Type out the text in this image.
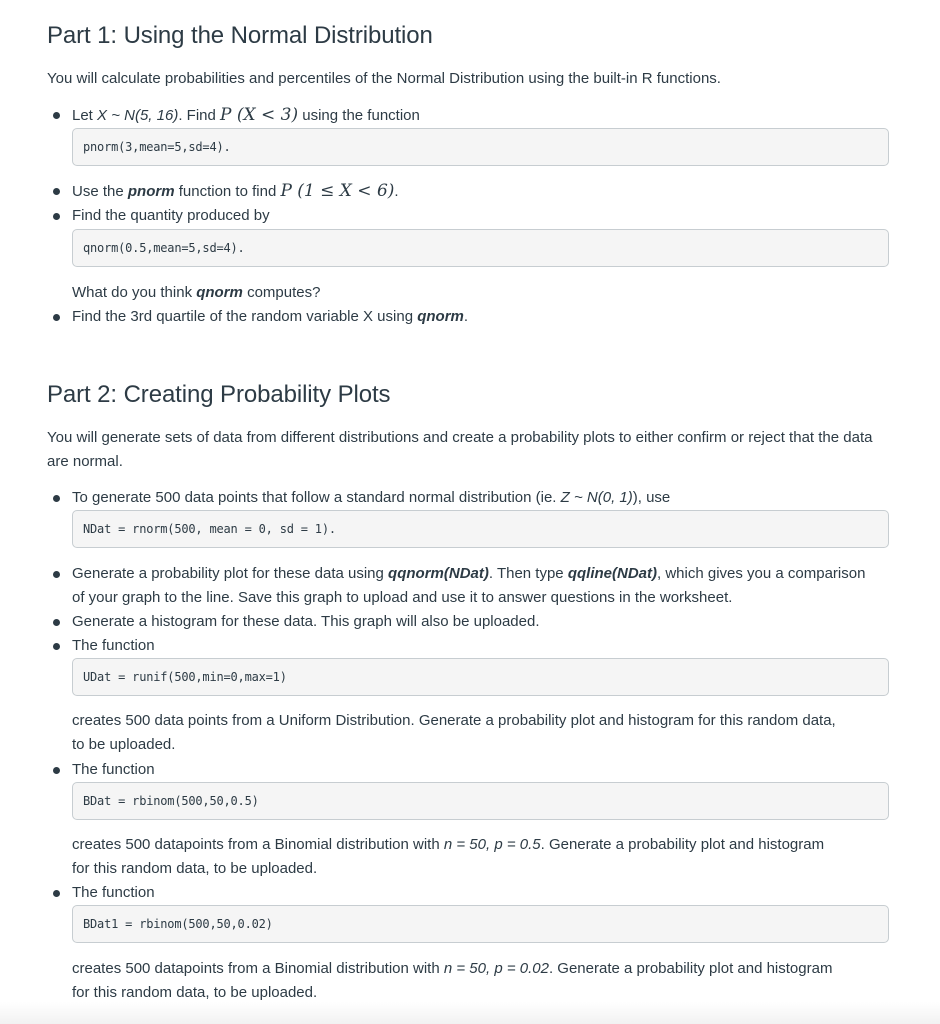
Part 1: Using the Normal Distribution

You will calculate probabilities and percentiles of the Normal Distribution using the built-in R functions.

Let X ~ N(5, 16). Find P (X < 3) using the function
pnorm(3,mean=5,sd=4).
Use the pnorm function to find P (1 ≤ X < 6).
Find the quantity produced by
qnorm(0.5,mean=5,sd=4).
What do you think qnorm computes?
Find the 3rd quartile of the random variable X using qnorm.
Part 2: Creating Probability Plots

You will generate sets of data from different distributions and create a probability plots to either confirm or reject that the data are normal.

To generate 500 data points that follow a standard normal distribution (ie. Z ~ N(0, 1)), use
NDat = rnorm(500, mean = 0, sd = 1).
Generate a probability plot for these data using qqnorm(NDat). Then type qqline(NDat), which gives you a comparison
of your graph to the line. Save this graph to upload and use it to answer questions in the worksheet.
Generate a histogram for these data. This graph will also be uploaded.
The function
UDat = runif(500,min=0,max=1)
creates 500 data points from a Uniform Distribution. Generate a probability plot and histogram for this random data,
to be uploaded.
The function
BDat = rbinom(500,50,0.5)
creates 500 datapoints from a Binomial distribution with n = 50, p = 0.5. Generate a probability plot and histogram
for this random data, to be uploaded.
The function
BDat1 = rbinom(500,50,0.02)
creates 500 datapoints from a Binomial distribution with n = 50, p = 0.02. Generate a probability plot and histogram
for this random data, to be uploaded.
